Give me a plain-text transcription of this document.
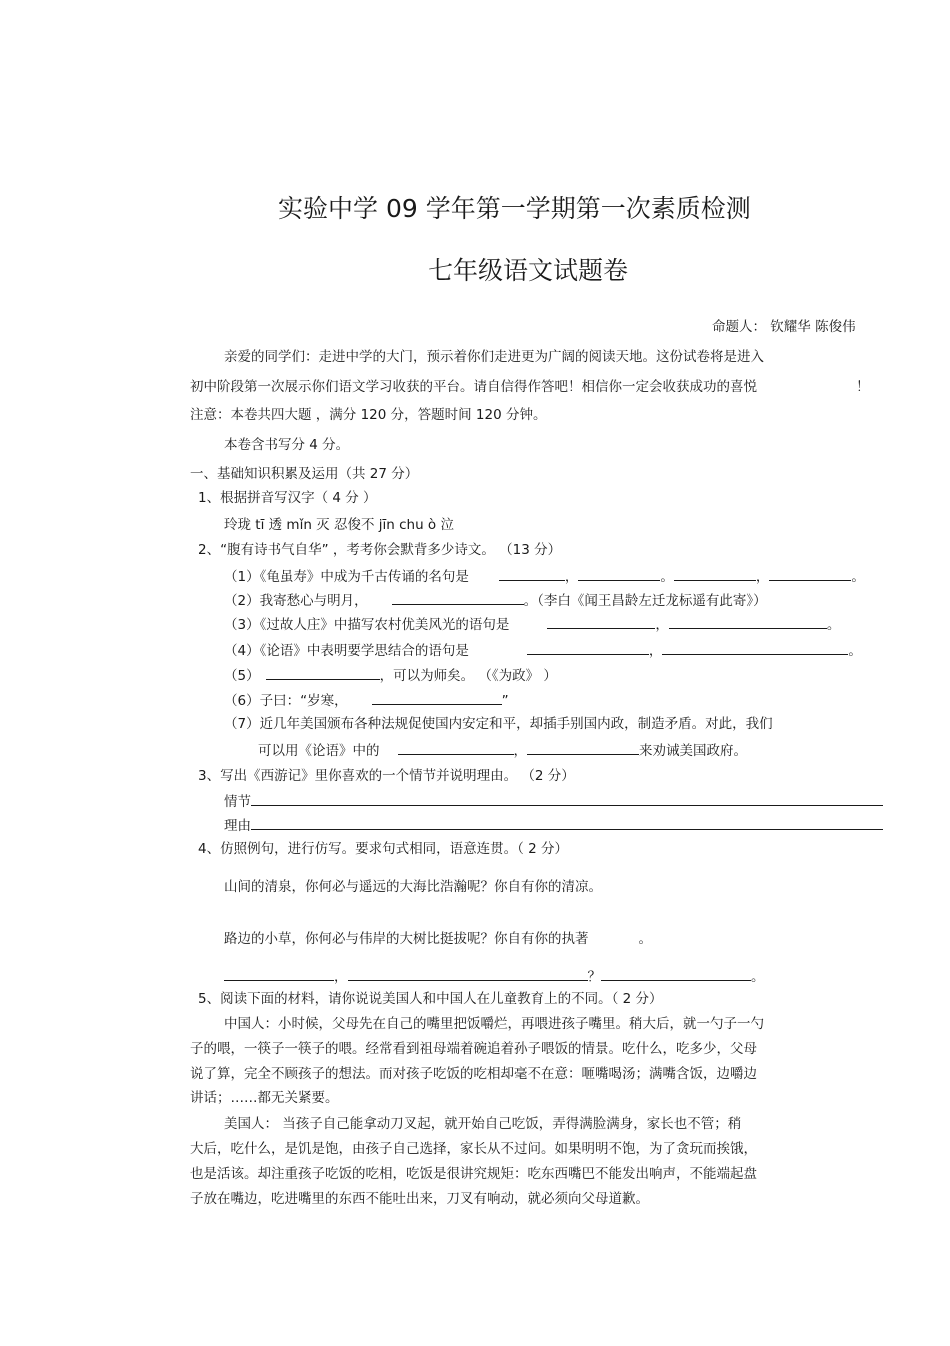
实验中学 09 学年第一学期第一次素质检测
七年级语文试题卷
命题人： 钦耀华 陈俊伟
亲爱的同学们：走进中学的大门，预示着你们走进更为广阔的阅读天地。这份试卷将是进入
初中阶段第一次展示你们语文学习收获的平台。请自信得作答吧！相信你一定会收获成功的喜悦	！
注意：本卷共四大题 ，满分 120 分，答题时间 120 分钟。
本卷含书写分 4 分。
一、基础知识积累及运用（共 27 分）
1、根据拼音写汉字（ 4 分 ）
玲珑 tī 透 mǐn 灭 忍俊不 jīn chu ò 泣
2、“腹有诗书气自华” ，考考你会默背多少诗文。 （13 分）
（1）《龟虽寿》中成为千古传诵的名句是	，	。	，	。
（2）我寄愁心与明月，	。（李白《闻王昌龄左迁龙标遥有此寄》）
（3）《过故人庄》中描写农村优美风光的语句是	，	。
（4）《论语》中表明要学思结合的语句是	，	。
（5）	，可以为师矣。 （《为政》 ）
（6）子曰：“岁寒，	”
（7）近几年美国颁布各种法规促使国内安定和平，却插手别国内政，制造矛盾。对此，我们
可以用《论语》中的	，	来劝诫美国政府。
3、写出《西游记》里你喜欢的一个情节并说明理由。 （2 分）
情节
理由
4、仿照例句，进行仿写。要求句式相同，语意连贯。（ 2 分）
山间的清泉，你何必与遥远的大海比浩瀚呢？你自有你的清凉。
路边的小草，你何必与伟岸的大树比挺拔呢？你自有你的执著	。
，	？	。
5、阅读下面的材料，请你说说美国人和中国人在儿童教育上的不同。（ 2 分）
中国人：小时候，父母先在自己的嘴里把饭嚼烂，再喂进孩子嘴里。稍大后，就一勺子一勺
子的喂，一筷子一筷子的喂。经常看到祖母端着碗追着孙子喂饭的情景。吃什么，吃多少，父母
说了算，完全不顾孩子的想法。而对孩子吃饭的吃相却毫不在意：咂嘴喝汤；满嘴含饭，边嚼边
讲话；……都无关紧要。
美国人： 当孩子自己能拿动刀叉起，就开始自己吃饭，弄得满脸满身，家长也不管；稍
大后，吃什么，是饥是饱，由孩子自己选择，家长从不过问。如果明明不饱，为了贪玩而挨饿，
也是活该。却注重孩子吃饭的吃相，吃饭是很讲究规矩：吃东西嘴巴不能发出响声，不能端起盘
子放在嘴边，吃进嘴里的东西不能吐出来，刀叉有响动，就必须向父母道歉。
